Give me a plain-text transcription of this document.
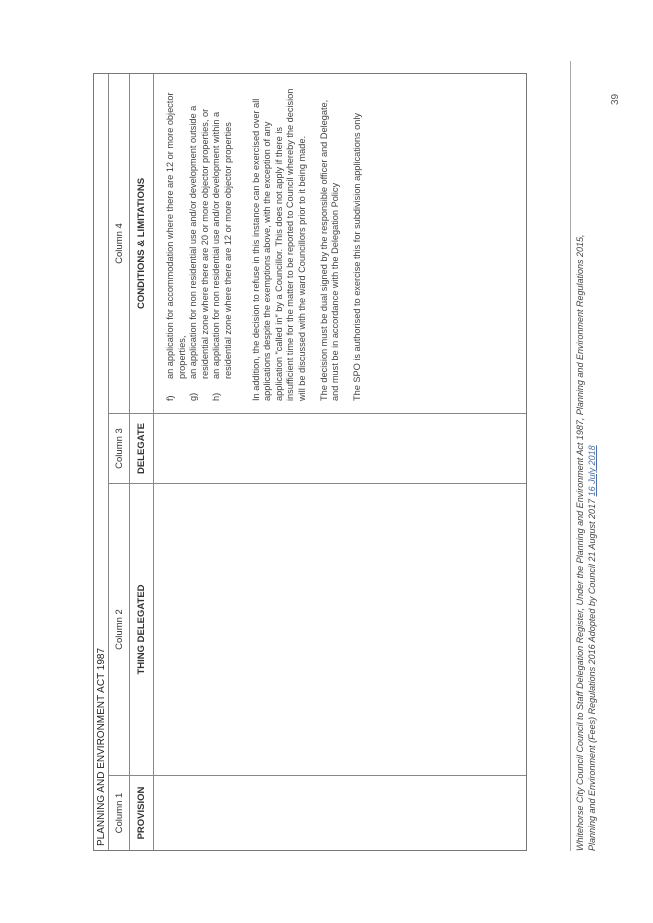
PLANNING AND ENVIRONMENT ACT 1987 Column 1
Column 2
Column 3
Column 4
PROVISION
THING DELEGATED
DELEGATE
CONDITIONS & LIMITATIONS
f)
an application for accommodation where there are 12 or more objector properties,
g)
an application for non residential use and/or development outside a residential zone where there are 20 or more objector properties, or
h)
an application for non residential use and/or development within a residential zone where there are 12 or more objector properties In addition, the decision to refuse in this instance can be exercised over all applications despite the exemptions above, with the exception of any application "called in" by a Councillor. This does not apply if there is insufficient time for the matter to be reported to Council whereby the decision will be discussed with the ward Councillors prior to it being made. The decision must be dual signed by the responsible officer and Delegate, and must be in accordance with the Delegation Policy The SPO is authorised to exercise this for subdivision applications only	Whitehorse City Council Council to Staff Delegation Register, Under the Planning and Environment Act 1987, Planning and Environment Regulations 2015, Planning and Environment (Fees) Regulations 2016 Adopted by Council 21 August 2017 16 July 2018
39
